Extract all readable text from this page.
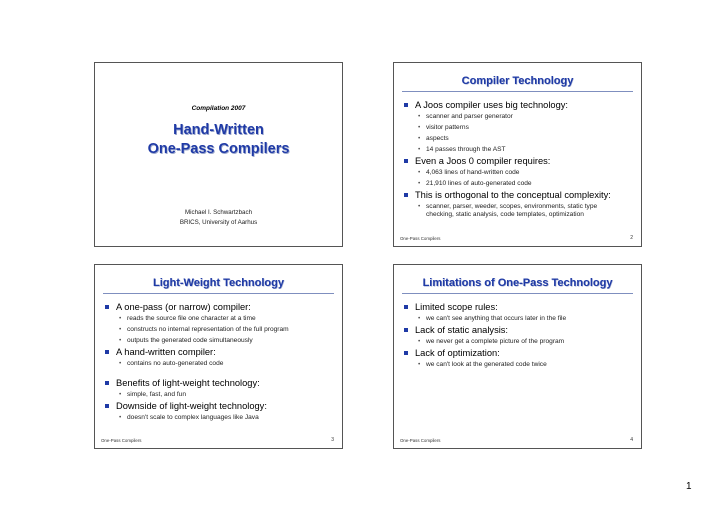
Compilation 2007
Hand-Written
One-Pass Compilers
Michael I. Schwartzbach
BRICS, University of Aarhus
Compiler Technology
A Joos compiler uses big technology:
• scanner and parser generator
• visitor patterns
• aspects
• 14 passes through the AST
Even a Joos 0 compiler requires:
• 4,063 lines of hand-written code
• 21,910 lines of auto-generated code
This is orthogonal to the conceptual complexity:
• scanner, parser, weeder, scopes, environments, static type
checking, static analysis, code templates, optimization
One-Pass Compilers	2
Light-Weight Technology
A one-pass (or narrow) compiler:
• reads the source file one character at a time
• constructs no internal representation of the full program
• outputs the generated code simultaneously
A hand-written compiler:
• contains no auto-generated code
Benefits of light-weight technology:
• simple, fast, and fun
Downside of light-weight technology:
• doesn't scale to complex languages like Java
One-Pass Compilers	3
Limitations of One-Pass Technology
Limited scope rules:
• we can't see anything that occurs later in the file
Lack of static analysis:
• we never get a complete picture of the program
Lack of optimization:
• we can't look at the generated code twice
One-Pass Compilers	4
1
